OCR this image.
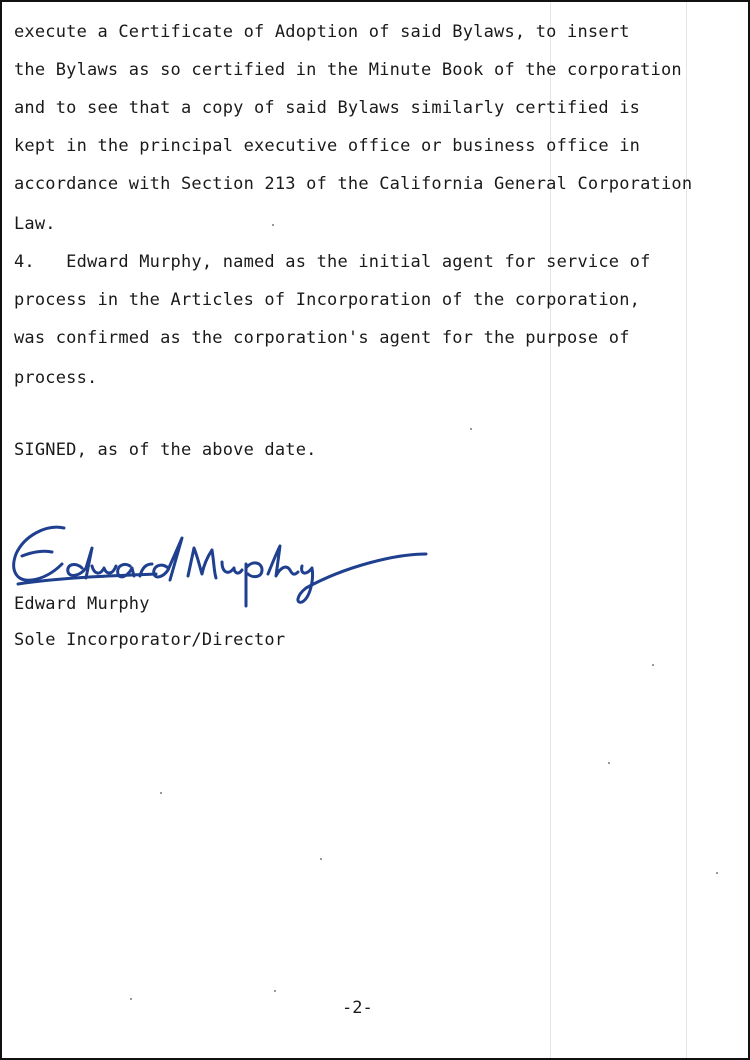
execute a Certificate of Adoption of said Bylaws, to insert
the Bylaws as so certified in the Minute Book of the corporation
and to see that a copy of said Bylaws similarly certified is
kept in the principal executive office or business office in
accordance with Section 213 of the California General Corporation
Law.
4.   Edward Murphy, named as the initial agent for service of
process in the Articles of Incorporation of the corporation,
was confirmed as the corporation's agent for the purpose of
process.
SIGNED, as of the above date.
Edward Murphy
Sole Incorporator/Director
-2-
